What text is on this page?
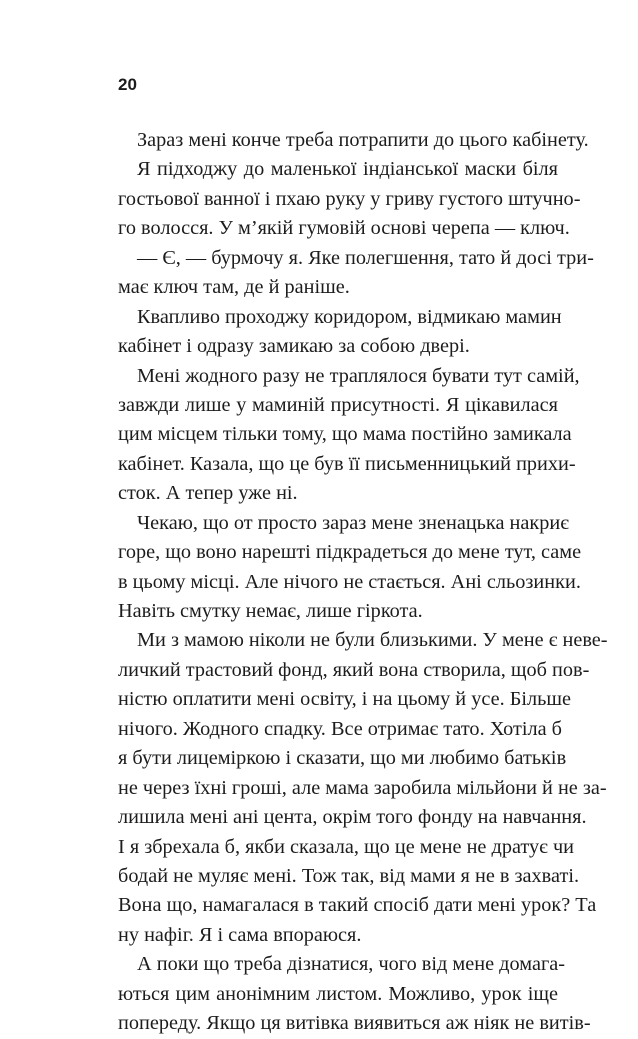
20

Зараз мені конче треба потрапити до цього кабінету.

Я підходжу до маленької індіанської маски біля
гостьової ванної і пхаю руку у гриву густого штучно-
го волосся. У м’якій гумовій основі черепа — ключ.

— Є, — бурмочу я. Яке полегшення, тато й досі три-
має ключ там, де й раніше.

Квапливо проходжу коридором, відмикаю мамин
кабінет і одразу замикаю за собою двері.

Мені жодного разу не траплялося бувати тут самій,
завжди лише у маминій присутності. Я цікавилася
цим місцем тільки тому, що мама постійно замикала
кабінет. Казала, що це був її письменницький прихи-
сток. А тепер уже ні.

Чекаю, що от просто зараз мене зненацька накриє
горе, що воно нарешті підкрадеться до мене тут, саме
в цьому місці. Але нічого не стається. Ані сльозинки.
Навіть смутку немає, лише гіркота.

Ми з мамою ніколи не були близькими. У мене є неве-
личкий трастовий фонд, який вона створила, щоб пов-
ністю оплатити мені освіту, і на цьому й усе. Більше
нічого. Жодного спадку. Все отримає тато. Хотіла б
я бути лицеміркою і сказати, що ми любимо батьків
не через їхні гроші, але мама заробила мільйони й не за-
лишила мені ані цента, окрім того фонду на навчання.
І я збрехала б, якби сказала, що це мене не дратує чи
бодай не муляє мені. Тож так, від мами я не в захваті.
Вона що, намагалася в такий спосіб дати мені урок? Та
ну нафіг. Я і сама впораюся.

А поки що треба дізнатися, чого від мене домага-
ються цим анонімним листом. Можливо, урок іще
попереду. Якщо ця витівка виявиться аж ніяк не витів-
